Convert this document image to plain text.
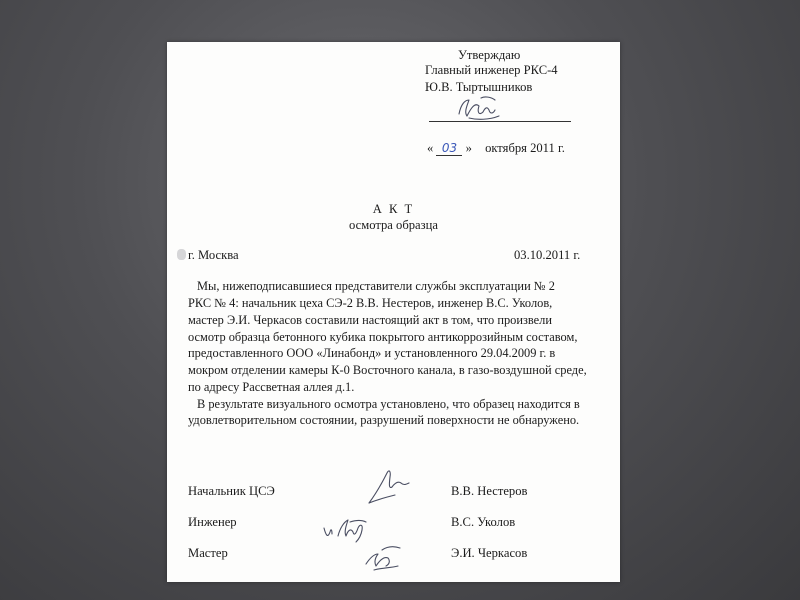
Утверждаю
Главный инженер РКС-4
Ю.В. Тыртышников
« 03 » октября 2011 г.
А К Т
осмотра образца
г. Москва	03.10.2011 г.
Мы, нижеподписавшиеся представители службы эксплуатации № 2
РКС № 4: начальник цеха СЭ-2 В.В. Нестеров, инженер В.С. Уколов,
мастер Э.И. Черкасов составили настоящий акт в том, что произвели
осмотр образца бетонного кубика покрытого антикоррозийным составом,
предоставленного ООО «Линабонд» и установленного 29.04.2009 г. в
мокром отделении камеры К-0 Восточного канала, в газо-воздушной среде,
по адресу Рассветная аллея д.1.
В результате визуального осмотра установлено, что образец находится в
удовлетворительном состоянии, разрушений поверхности не обнаружено.
Начальник ЦСЭ	В.В. Нестеров
Инженер	В.С. Уколов
Мастер	Э.И. Черкасов
